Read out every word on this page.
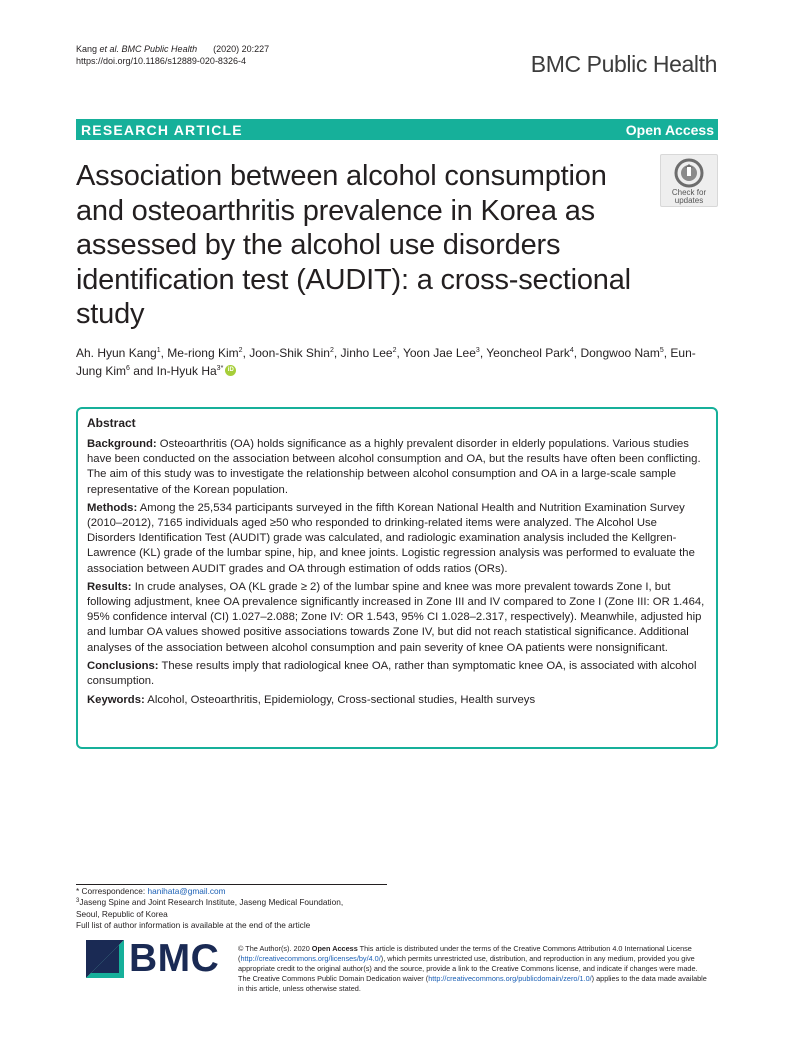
Kang et al. BMC Public Health (2020) 20:227
https://doi.org/10.1186/s12889-020-8326-4	BMC Public Health
RESEARCH ARTICLE	Open Access
Association between alcohol consumption and osteoarthritis prevalence in Korea as assessed by the alcohol use disorders identification test (AUDIT): a cross-sectional study
Check for
updates
Ah. Hyun Kang$^1$, Me-riong Kim$^2$, Joon-Shik Shin$^2$, Jinho Lee$^2$, Yoon Jae Lee$^3$, Yeoncheol Park$^4$, Dongwoo Nam$^5$, Eun-Jung Kim$^6$ and In-Hyuk $Ha^{3*}$ iD
Abstract

Background: Osteoarthritis (OA) holds significance as a highly prevalent disorder in elderly populations. Various studies have been conducted on the association between alcohol consumption and OA, but the results have often been conflicting. The aim of this study was to investigate the relationship between alcohol consumption and OA in a large-scale sample representative of the Korean population.

Methods: Among the 25,534 participants surveyed in the fifth Korean National Health and Nutrition Examination Survey (2010–2012), 7165 individuals aged ≥50 who responded to drinking-related items were analyzed. The Alcohol Use Disorders Identification Test (AUDIT) grade was calculated, and radiologic examination analysis included the Kellgren-Lawrence (KL) grade of the lumbar spine, hip, and knee joints. Logistic regression analysis was performed to evaluate the association between AUDIT grades and OA through estimation of odds ratios (ORs).

Results: In crude analyses, OA (KL grade ≥ 2) of the lumbar spine and knee was more prevalent towards Zone I, but following adjustment, knee OA prevalence significantly increased in Zone III and IV compared to Zone I (Zone III: OR 1.464, 95% confidence interval (CI) 1.027–2.088; Zone IV: OR 1.543, 95% CI 1.028–2.317, respectively). Meanwhile, adjusted hip and lumbar OA values showed positive associations towards Zone IV, but did not reach statistical significance. Additional analyses of the association between alcohol consumption and pain severity of knee OA patients were nonsignificant.

Conclusions: These results imply that radiological knee OA, rather than symptomatic knee OA, is associated with alcohol consumption.

Keywords: Alcohol, Osteoarthritis, Epidemiology, Cross-sectional studies, Health surveys

* Correspondence: hanihata@gmail.com
$^3$Jaseng Spine and Joint Research Institute, Jaseng Medical Foundation,
Seoul, Republic of Korea
Full list of author information is available at the end of the article
BMC	© The Author(s). 2020 Open Access This article is distributed under the terms of the Creative Commons Attribution 4.0 International License (http://creativecommons.org/licenses/by/4.0/), which permits unrestricted use, distribution, and reproduction in any medium, provided you give appropriate credit to the original author(s) and the source, provide a link to the Creative Commons license, and indicate if changes were made. The Creative Commons Public Domain Dedication waiver (http://creativecommons.org/publicdomain/zero/1.0/) applies to the data made available in this article, unless otherwise stated.
